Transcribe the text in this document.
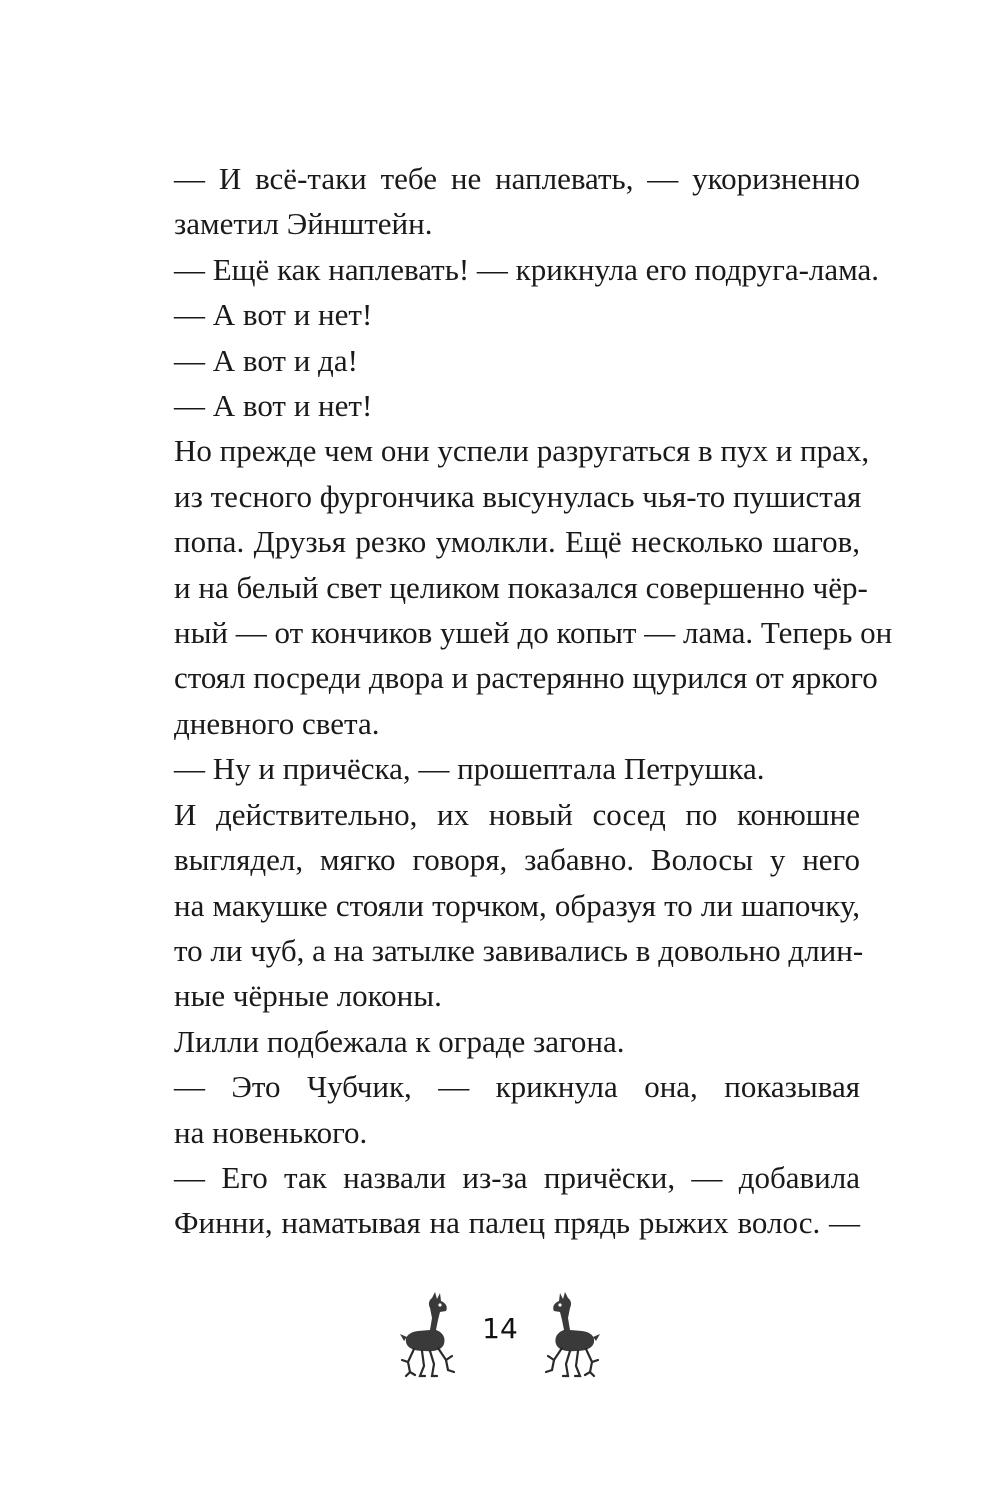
— И всё-таки тебе не наплевать, — укоризненно
заметил Эйнштейн.

— Ещё как наплевать! — крикнула его подруга-лама.

— А вот и нет!

— А вот и да!

— А вот и нет!

Но прежде чем они успели разругаться в пух и прах,
из тесного фургончика высунулась чья-то пушистая
попа. Друзья резко умолкли. Ещё несколько шагов,
и на белый свет целиком показался совершенно чёр-
ный — от кончиков ушей до копыт — лама. Теперь он
стоял посреди двора и растерянно щурился от яркого
дневного света.

— Ну и причёска, — прошептала Петрушка.

И действительно, их новый сосед по конюшне
выглядел, мягко говоря, забавно. Волосы у него
на макушке стояли торчком, образуя то ли шапочку,
то ли чуб, а на затылке завивались в довольно длин-
ные чёрные локоны.

Лилли подбежала к ограде загона.

— Это Чубчик, — крикнула она, показывая
на новенького.

— Его так назвали из-за причёски, — добавила
Финни, наматывая на палец прядь рыжих волос. —

14
